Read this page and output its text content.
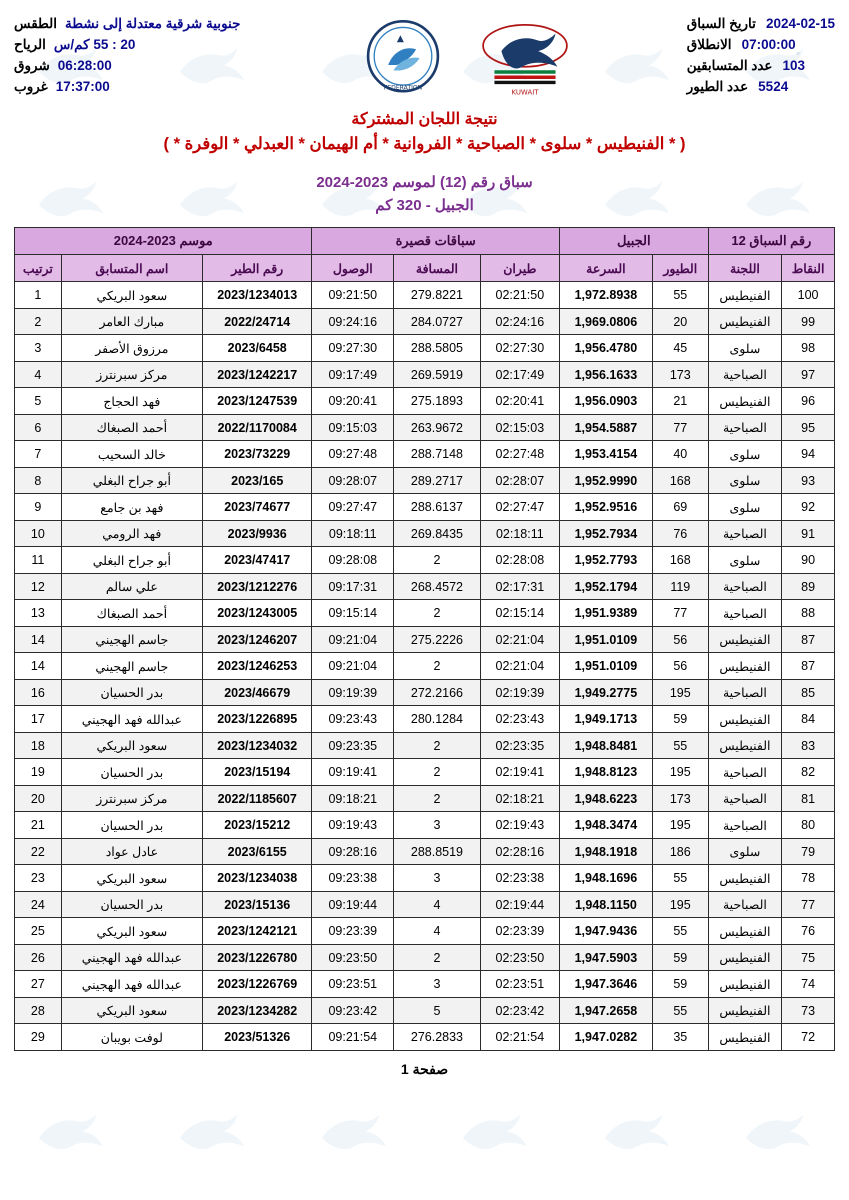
2024-02-15
تاريخ السباق
07:00:00
الانطلاق
103
عدد المتسابقين
5524
عدد الطيور
KUWAIT
FEDERATION
جنوبية شرقية معتدلة إلى نشطة
الطقس
20 : 55 كم/س
الرياح
06:28:00
شروق
17:37:00
غروب
نتيجة اللجان المشتركة
( * الفنيطيس * سلوى * الصباحية * الفروانية * أم الهيمان * العبدلي * الوفرة * )
سباق رقم (12) لموسم 2023-2024
الجبيل - 320 كم
رقم السباق 12		الجبيل		سباقات قصيرة			موسم 2023-2024		
النقاط	اللجنة	الطيور	السرعة	طيران	المسافة	الوصول	رقم الطير	اسم المتسابق	ترتيب
100	الفنيطيس	55	1,972.8938	02:21:50	279.8221	09:21:50	2023/1234013	سعود البريكي	1
99	الفنيطيس	20	1,969.0806	02:24:16	284.0727	09:24:16	2022/24714	مبارك العامر	2
98	سلوى	45	1,956.4780	02:27:30	288.5805	09:27:30	2023/6458	مرزوق الأصفر	3
97	الصباحية	173	1,956.1633	02:17:49	269.5919	09:17:49	2023/1242217	مركز سبرنترز	4
96	الفنيطيس	21	1,956.0903	02:20:41	275.1893	09:20:41	2023/1247539	فهد الحجاج	5
95	الصباحية	77	1,954.5887	02:15:03	263.9672	09:15:03	2022/1170084	أحمد الصبغاك	6
94	سلوى	40	1,953.4154	02:27:48	288.7148	09:27:48	2023/73229	خالد السحيب	7
93	سلوى	168	1,952.9990	02:28:07	289.2717	09:28:07	2023/165	أبو جراح البغلي	8
92	سلوى	69	1,952.9516	02:27:47	288.6137	09:27:47	2023/74677	فهد بن جامع	9
91	الصباحية	76	1,952.7934	02:18:11	269.8435	09:18:11	2023/9936	فهد الرومي	10
90	سلوى	168	1,952.7793	02:28:08	2	09:28:08	2023/47417	أبو جراح البغلي	11
89	الصباحية	119	1,952.1794	02:17:31	268.4572	09:17:31	2023/1212276	علي سالم	12
88	الصباحية	77	1,951.9389	02:15:14	2	09:15:14	2023/1243005	أحمد الصبغاك	13
87	الفنيطيس	56	1,951.0109	02:21:04	275.2226	09:21:04	2023/1246207	جاسم الهجيني	14
87	الفنيطيس	56	1,951.0109	02:21:04	2	09:21:04	2023/1246253	جاسم الهجيني	14
85	الصباحية	195	1,949.2775	02:19:39	272.2166	09:19:39	2023/46679	بدر الحسيان	16
84	الفنيطيس	59	1,949.1713	02:23:43	280.1284	09:23:43	2023/1226895	عبدالله فهد الهجيني	17
83	الفنيطيس	55	1,948.8481	02:23:35	2	09:23:35	2023/1234032	سعود البريكي	18
82	الصباحية	195	1,948.8123	02:19:41	2	09:19:41	2023/15194	بدر الحسيان	19
81	الصباحية	173	1,948.6223	02:18:21	2	09:18:21	2022/1185607	مركز سبرنترز	20
80	الصباحية	195	1,948.3474	02:19:43	3	09:19:43	2023/15212	بدر الحسيان	21
79	سلوى	186	1,948.1918	02:28:16	288.8519	09:28:16	2023/6155	عادل عواد	22
78	الفنيطيس	55	1,948.1696	02:23:38	3	09:23:38	2023/1234038	سعود البريكي	23
77	الصباحية	195	1,948.1150	02:19:44	4	09:19:44	2023/15136	بدر الحسيان	24
76	الفنيطيس	55	1,947.9436	02:23:39	4	09:23:39	2023/1242121	سعود البريكي	25
75	الفنيطيس	59	1,947.5903	02:23:50	2	09:23:50	2023/1226780	عبدالله فهد الهجيني	26
74	الفنيطيس	59	1,947.3646	02:23:51	3	09:23:51	2023/1226769	عبدالله فهد الهجيني	27
73	الفنيطيس	55	1,947.2658	02:23:42	5	09:23:42	2023/1234282	سعود البريكي	28
72	الفنيطيس	35	1,947.0282	02:21:54	276.2833	09:21:54	2023/51326	لوفت بويبان	29
صفحة 1
